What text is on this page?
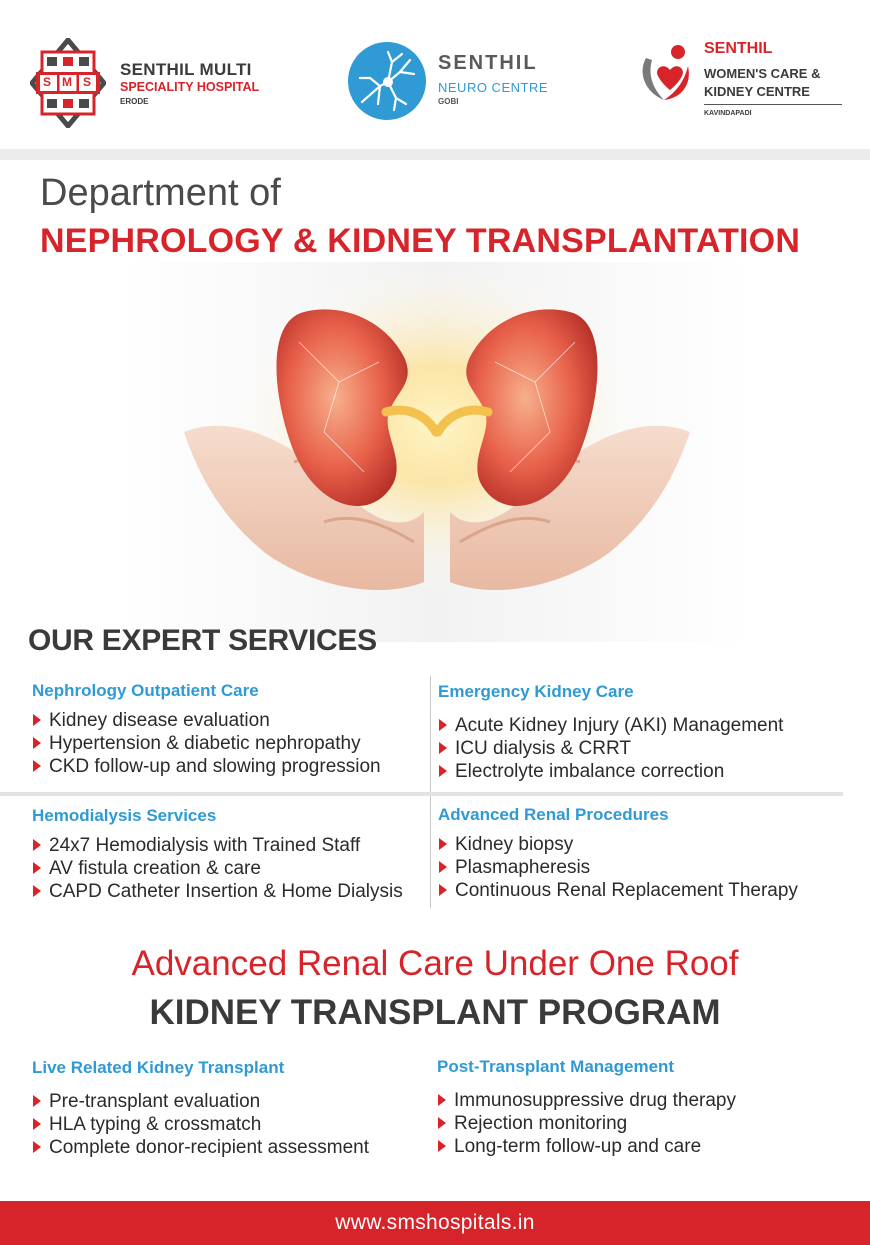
SMS
SENTHIL MULTI
SPECIALITY HOSPITAL
ERODE
SENTHIL
NEURO CENTRE
GOBI
SENTHIL
WOMEN'S CARE &
KIDNEY CENTRE
KAVINDAPADI
Department of
NEPHROLOGY & KIDNEY TRANSPLANTATION
OUR EXPERT SERVICES
Nephrology Outpatient Care
Kidney disease evaluation
Hypertension & diabetic nephropathy
CKD follow-up and slowing progression
Emergency Kidney Care
Acute Kidney Injury (AKI) Management
ICU dialysis & CRRT
Electrolyte imbalance correction
Hemodialysis Services
24x7 Hemodialysis with Trained Staff
AV fistula creation & care
CAPD Catheter Insertion & Home Dialysis
Advanced Renal Procedures
Kidney biopsy
Plasmapheresis
Continuous Renal Replacement Therapy
Advanced Renal Care Under One Roof
KIDNEY TRANSPLANT PROGRAM
Live Related Kidney Transplant
Pre-transplant evaluation
HLA typing & crossmatch
Complete donor-recipient assessment
Post-Transplant Management
Immunosuppressive drug therapy
Rejection monitoring
Long-term follow-up and care
www.smshospitals.in
